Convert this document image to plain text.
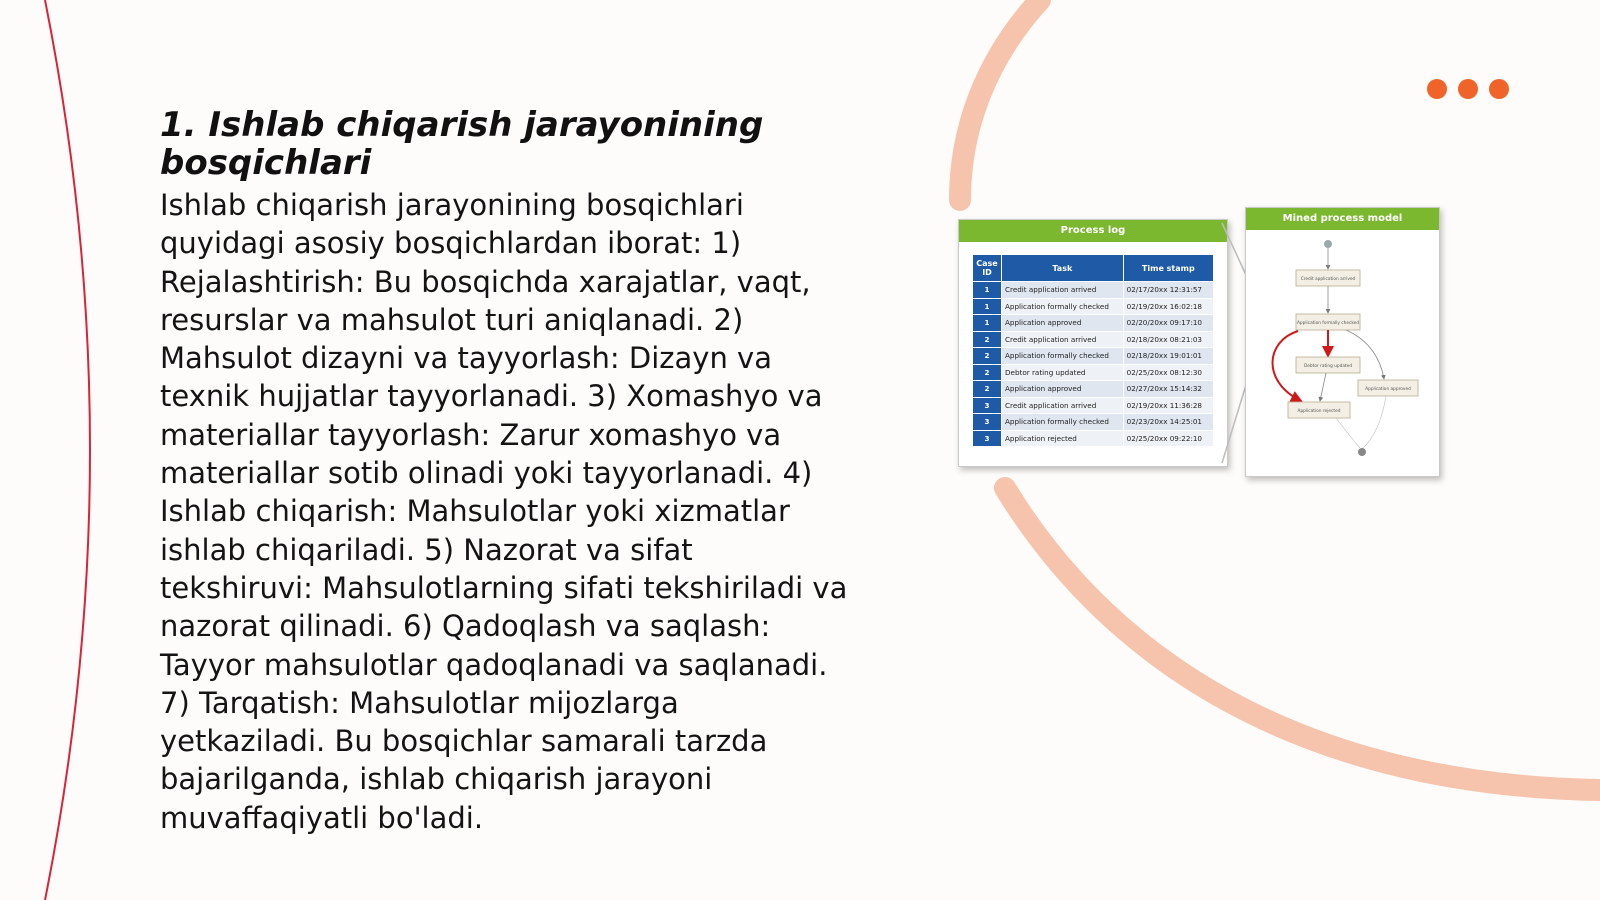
1. Ishlab chiqarish jarayonining bosqichlari

Ishlab chiqarish jarayonining bosqichlari quyidagi asosiy bosqichlardan iborat: 1) Rejalashtirish: Bu bosqichda xarajatlar, vaqt, resurslar va mahsulot turi aniqlanadi. 2) Mahsulot dizayni va tayyorlash: Dizayn va texnik hujjatlar tayyorlanadi. 3) Xomashyo va materiallar tayyorlash: Zarur xomashyo va materiallar sotib olinadi yoki tayyorlanadi. 4) Ishlab chiqarish: Mahsulotlar yoki xizmatlar ishlab chiqariladi. 5) Nazorat va sifat tekshiruvi: Mahsulotlarning sifati tekshiriladi va nazorat qilinadi. 6) Qadoqlash va saqlash: Tayyor mahsulotlar qadoqlanadi va saqlanadi. 7) Tarqatish: Mahsulotlar mijozlarga yetkaziladi. Bu bosqichlar samarali tarzda bajarilganda, ishlab chiqarish jarayoni muvaffaqiyatli bo'ladi.

Process log
Case ID	Task	Time stamp
1	Credit application arrived	02/17/20xx 12:31:57
1	Application formally checked	02/19/20xx 16:02:18
1	Application approved	02/20/20xx 09:17:10
2	Credit application arrived	02/18/20xx 08:21:03
2	Application formally checked	02/18/20xx 19:01:01
2	Debtor rating updated	02/25/20xx 08:12:30
2	Application approved	02/27/20xx 15:14:32
3	Credit application arrived	02/19/20xx 11:36:28
3	Application formally checked	02/23/20xx 14:25:01
3	Application rejected	02/25/20xx 09:22:10
Mined process model
Credit application arrived
Application formally checked
Debtor rating updated
Application approved
Application rejected
